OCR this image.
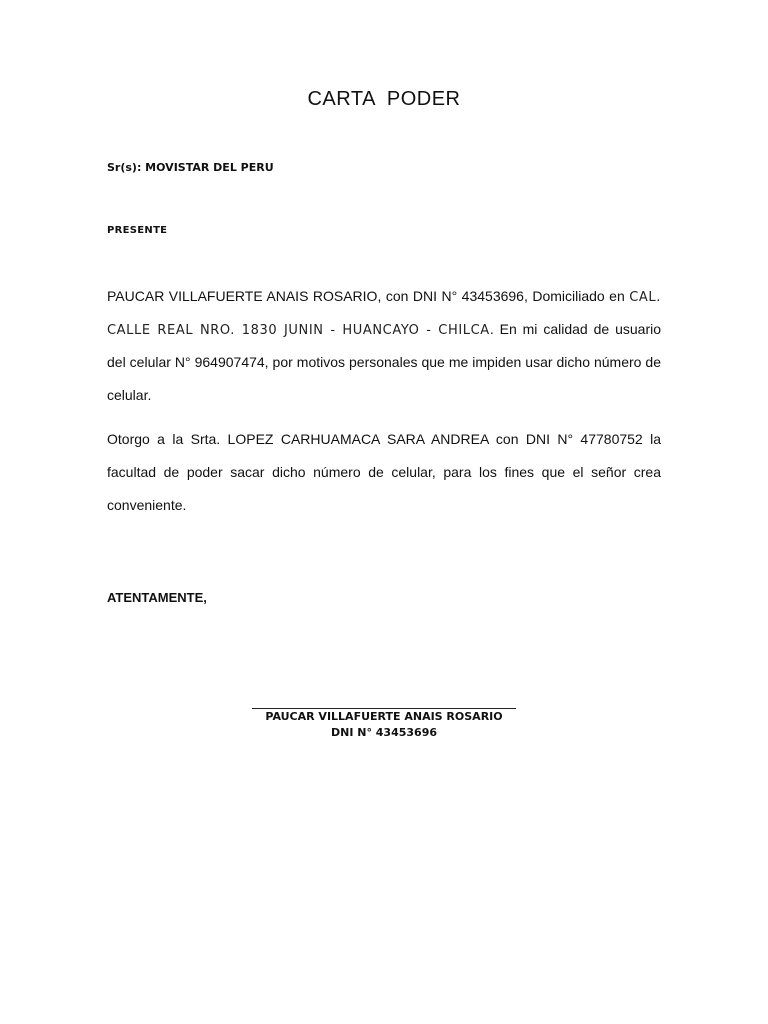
CARTA PODER
Sr(s): MOVISTAR DEL PERU
PRESENTE
PAUCAR VILLAFUERTE ANAIS ROSARIO, con DNI N° 43453696, Domiciliado en CAL.
CALLE REAL NRO. 1830 JUNIN - HUANCAYO - CHILCA. En mi calidad de usuario
del celular N° 964907474, por motivos personales que me impiden usar dicho número de
celular.
Otorgo a la Srta. LOPEZ CARHUAMACA SARA ANDREA con DNI N° 47780752 la
facultad de poder sacar dicho número de celular, para los fines que el señor crea
conveniente.
ATENTAMENTE,
PAUCAR VILLAFUERTE ANAIS ROSARIO
DNI N° 43453696
